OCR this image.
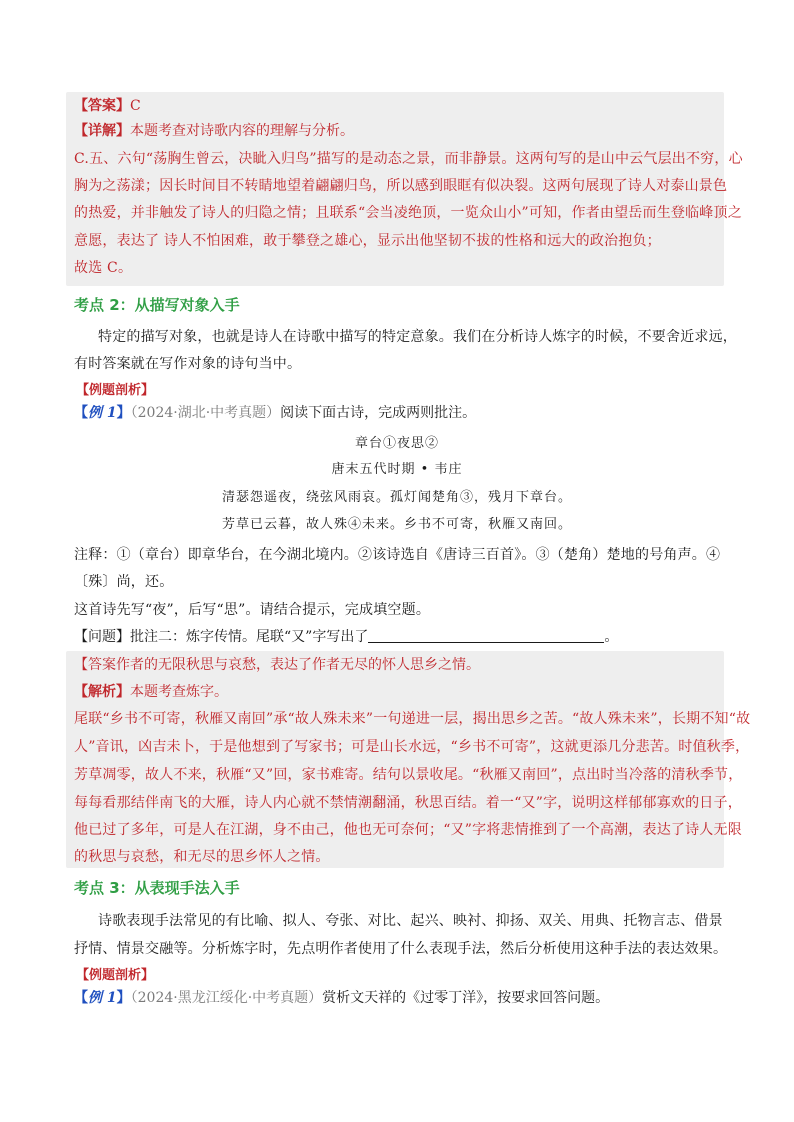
【答案】C
【详解】本题考查对诗歌内容的理解与分析。
C.五、六句“荡胸生曾云，决眦入归鸟”描写的是动态之景，而非静景。这两句写的是山中云气层出不穷，心
胸为之荡漾；因长时间目不转睛地望着翩翩归鸟，所以感到眼眶有似决裂。这两句展现了诗人对泰山景色
的热爱，并非触发了诗人的归隐之情；且联系“会当凌绝顶，一览众山小”可知，作者由望岳而生登临峰顶之
意愿，表达了 诗人不怕困难，敢于攀登之雄心，显示出他坚韧不拔的性格和远大的政治抱负；
故选 C。
考点 2：从描写对象入手
特定的描写对象，也就是诗人在诗歌中描写的特定意象。我们在分析诗人炼字的时候，不要舍近求远，
有时答案就在写作对象的诗句当中。
【例题剖析】
【例 1】（2024·湖北·中考真题）阅读下面古诗，完成两则批注。
章台①夜思②
唐末五代时期 • 韦庄
清瑟怨遥夜，绕弦风雨哀。孤灯闻楚角③，残月下章台。
芳草已云暮，故人殊④未来。乡书不可寄，秋雁又南回。
注释：①（章台）即章华台，在今湖北境内。②该诗选自《唐诗三百首》。③（楚角）楚地的号角声。④
〔殊〕尚，还。
这首诗先写“夜”，后写“思”。请结合提示，完成填空题。
【问题】批注二：炼字传情。尾联“又”字写出了	。
【答案作者的无限秋思与哀愁，表达了作者无尽的怀人思乡之情。
【解析】本题考查炼字。
尾联“乡书不可寄，秋雁又南回”承“故人殊未来”一句递进一层，揭出思乡之苦。“故人殊未来”，长期不知“故
人”音讯，凶吉未卜，于是他想到了写家书；可是山长水远，“乡书不可寄”，这就更添几分悲苦。时值秋季，
芳草凋零，故人不来，秋雁“又”回，家书难寄。结句以景收尾。“秋雁又南回”，点出时当冷落的清秋季节，
每每看那结伴南飞的大雁，诗人内心就不禁情潮翻涌，秋思百结。着一“又”字，说明这样郁郁寡欢的日子，
他已过了多年，可是人在江湖，身不由己，他也无可奈何；“又”字将悲情推到了一个高潮，表达了诗人无限
的秋思与哀愁，和无尽的思乡怀人之情。
考点 3：从表现手法入手
诗歌表现手法常见的有比喻、拟人、夸张、对比、起兴、映衬、抑扬、双关、用典、托物言志、借景
抒情、情景交融等。分析炼字时，先点明作者使用了什么表现手法，然后分析使用这种手法的表达效果。
【例题剖析】
【例 1】（2024·黑龙江绥化·中考真题）赏析文天祥的《过零丁洋》，按要求回答问题。
